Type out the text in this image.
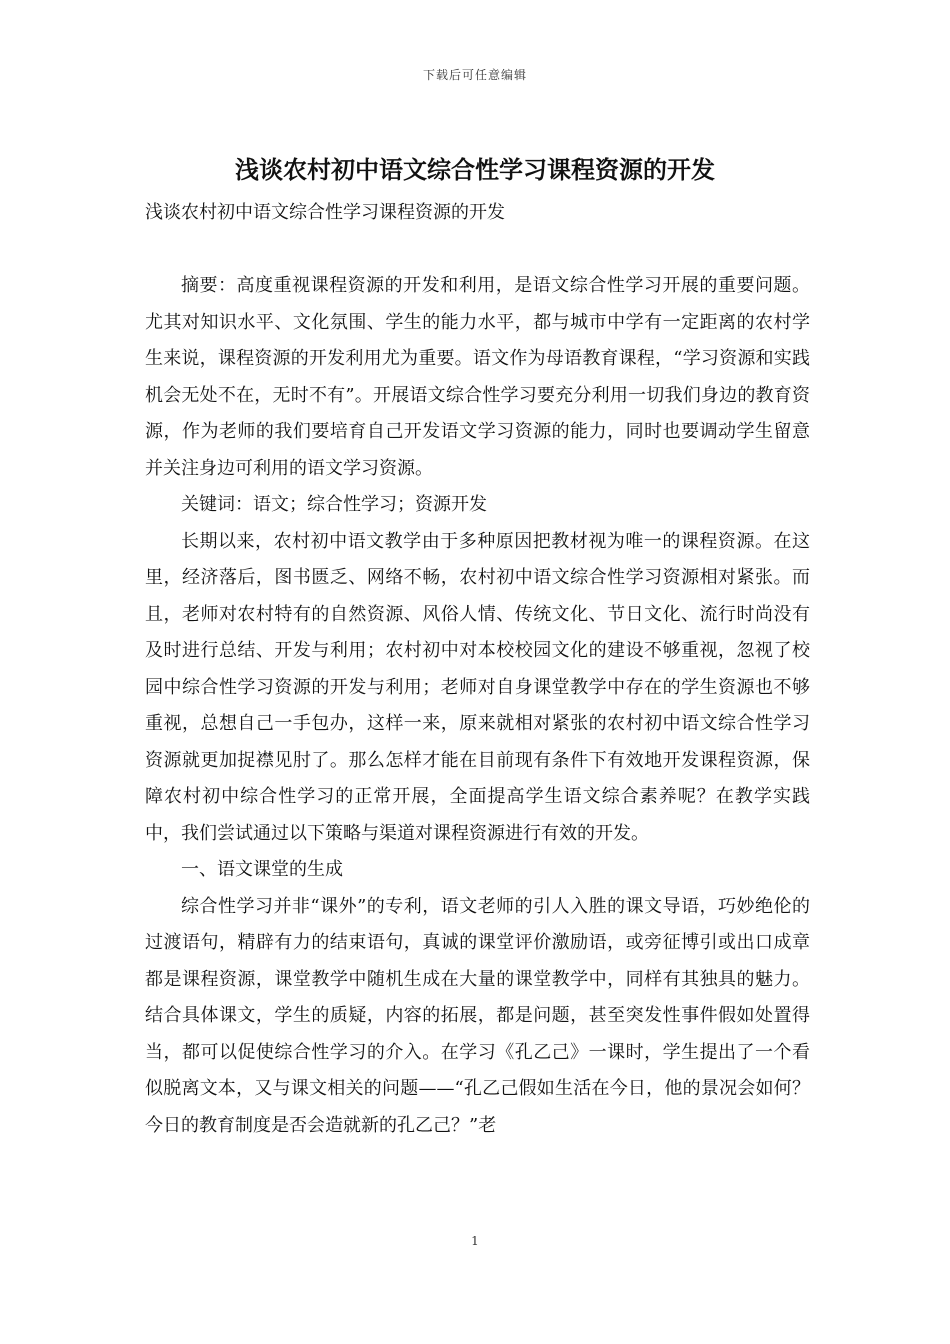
下载后可任意编辑
浅谈农村初中语文综合性学习课程资源的开发

浅谈农村初中语文综合性学习课程资源的开发

摘要：高度重视课程资源的开发和利用，是语文综合性学习开展的重要问题。尤其对知识水平、文化氛围、学生的能力水平，都与城市中学有一定距离的农村学生来说，课程资源的开发利用尤为重要。语文作为母语教育课程，“学习资源和实践机会无处不在，无时不有”。开展语文综合性学习要充分利用一切我们身边的教育资源，作为老师的我们要培育自己开发语文学习资源的能力，同时也要调动学生留意并关注身边可利用的语文学习资源。

关键词：语文；综合性学习；资源开发

长期以来，农村初中语文教学由于多种原因把教材视为唯一的课程资源。在这里，经济落后，图书匮乏、网络不畅，农村初中语文综合性学习资源相对紧张。而且，老师对农村特有的自然资源、风俗人情、传统文化、节日文化、流行时尚没有及时进行总结、开发与利用；农村初中对本校校园文化的建设不够重视，忽视了校园中综合性学习资源的开发与利用；老师对自身课堂教学中存在的学生资源也不够重视，总想自己一手包办，这样一来，原来就相对紧张的农村初中语文综合性学习资源就更加捉襟见肘了。那么怎样才能在目前现有条件下有效地开发课程资源，保障农村初中综合性学习的正常开展，全面提高学生语文综合素养呢？在教学实践中，我们尝试通过以下策略与渠道对课程资源进行有效的开发。

一、语文课堂的生成

综合性学习并非“课外”的专利，语文老师的引人入胜的课文导语，巧妙绝伦的过渡语句，精辟有力的结束语句，真诚的课堂评价激励语，或旁征博引或出口成章都是课程资源，课堂教学中随机生成在大量的课堂教学中，同样有其独具的魅力。结合具体课文，学生的质疑，内容的拓展，都是问题，甚至突发性事件假如处置得当，都可以促使综合性学习的介入。在学习《孔乙己》一课时，学生提出了一个看似脱离文本，又与课文相关的问题——“孔乙己假如生活在今日，他的景况会如何？今日的教育制度是否会造就新的孔乙己？”老

1
